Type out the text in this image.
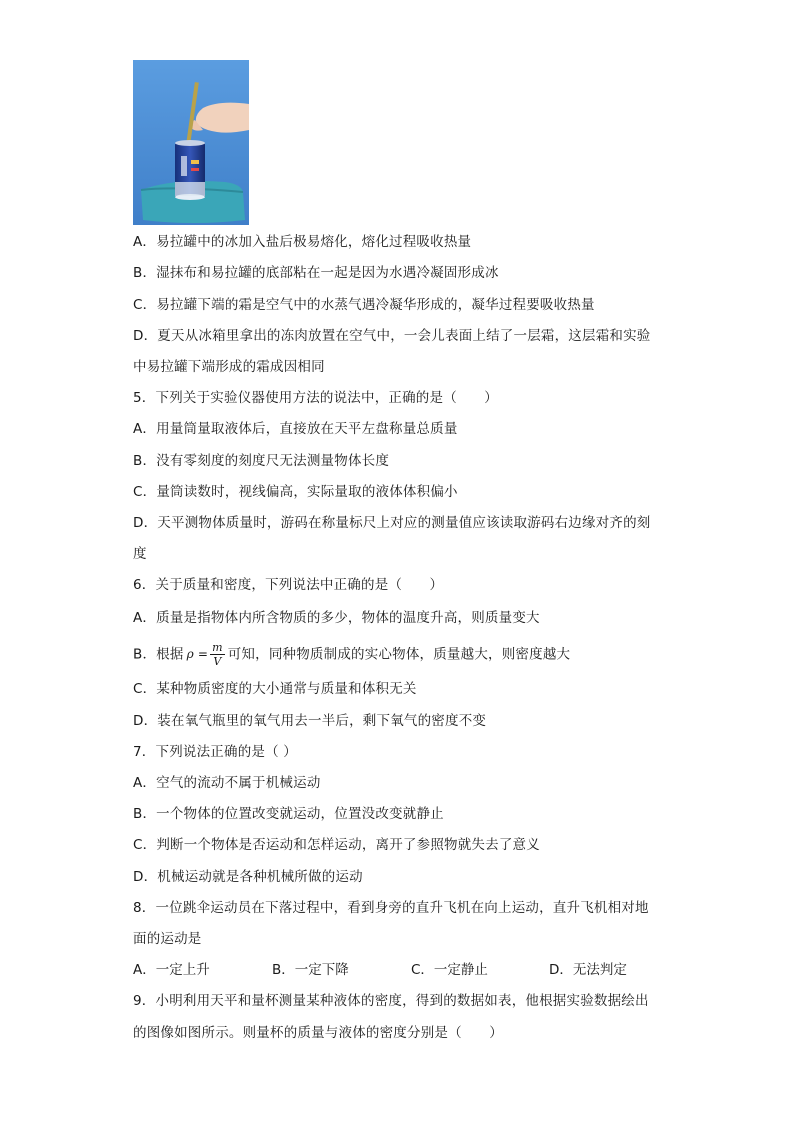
A．易拉罐中的冰加入盐后极易熔化，熔化过程吸收热量
B．湿抹布和易拉罐的底部粘在一起是因为水遇冷凝固形成冰
C．易拉罐下端的霜是空气中的水蒸气遇冷凝华形成的，凝华过程要吸收热量
D．夏天从冰箱里拿出的冻肉放置在空气中，一会儿表面上结了一层霜，这层霜和实验
中易拉罐下端形成的霜成因相同
5．下列关于实验仪器使用方法的说法中，正确的是（　　）
A．用量筒量取液体后，直接放在天平左盘称量总质量
B．没有零刻度的刻度尺无法测量物体长度
C．量筒读数时，视线偏高，实际量取的液体体积偏小
D．天平测物体质量时，游码在称量标尺上对应的测量值应该读取游码右边缘对齐的刻
度
6．关于质量和密度，下列说法中正确的是（　　）
A．质量是指物体内所含物质的多少，物体的温度升高，则质量变大
B．根据 $\rho = \frac{m}{V}$ 可知，同种物质制成的实心物体，质量越大，则密度越大
C．某种物质密度的大小通常与质量和体积无关
D．装在氧气瓶里的氧气用去一半后，剩下氧气的密度不变
7．下列说法正确的是（ ）
A．空气的流动不属于机械运动
B．一个物体的位置改变就运动，位置没改变就静止
C．判断一个物体是否运动和怎样运动，离开了参照物就失去了意义
D．机械运动就是各种机械所做的运动
8．一位跳伞运动员在下落过程中，看到身旁的直升飞机在向上运动，直升飞机相对地
面的运动是
A．一定上升	B．一定下降	C．一定静止	D．无法判定
9．小明利用天平和量杯测量某种液体的密度，得到的数据如表，他根据实验数据绘出
的图像如图所示。则量杯的质量与液体的密度分别是（　　）
